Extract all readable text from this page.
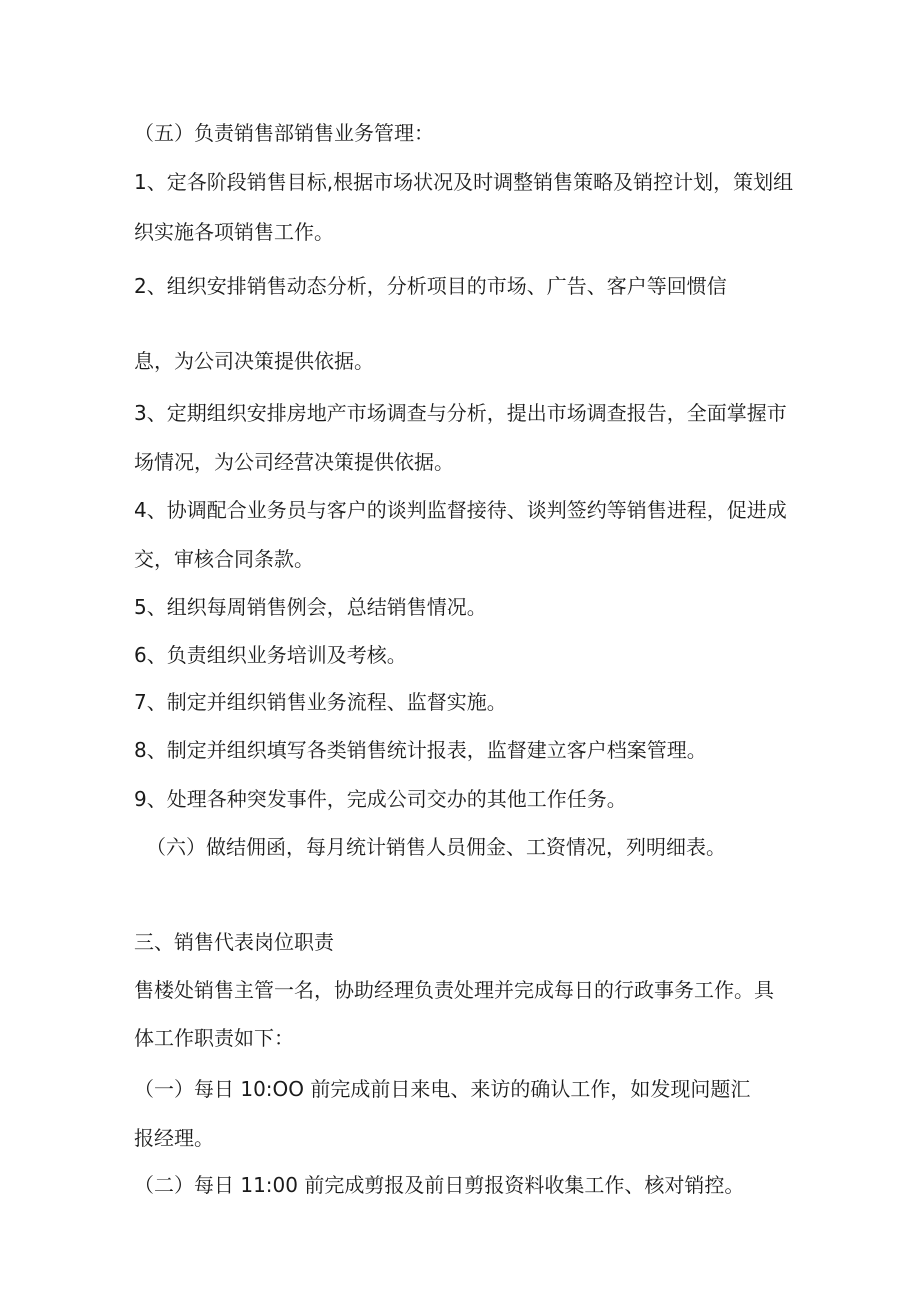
（五）负责销售部销售业务管理：

1、定各阶段销售目标,根据市场状况及时调整销售策略及销控计划，策划组

织实施各项销售工作。

2、组织安排销售动态分析，分析项目的市场、广告、客户等回惯信

息，为公司决策提供依据。

3、定期组织安排房地产市场调查与分析，提出市场调查报告，全面掌握市

场情况，为公司经营决策提供依据。

4、协调配合业务员与客户的谈判监督接待、谈判签约等销售进程，促进成

交，审核合同条款。

5、组织每周销售例会，总结销售情况。

6、负责组织业务培训及考核。

7、制定并组织销售业务流程、监督实施。

8、制定并组织填写各类销售统计报表，监督建立客户档案管理。

9、处理各种突发事件，完成公司交办的其他工作任务。

（六）做结佣函，每月统计销售人员佣金、工资情况，列明细表。

三、销售代表岗位职责

售楼处销售主管一名，协助经理负责处理并完成每日的行政事务工作。具

体工作职责如下：

（一）每日 10:OO 前完成前日来电、来访的确认工作，如发现问题汇

报经理。

（二）每日 11:00 前完成剪报及前日剪报资料收集工作、核对销控。
